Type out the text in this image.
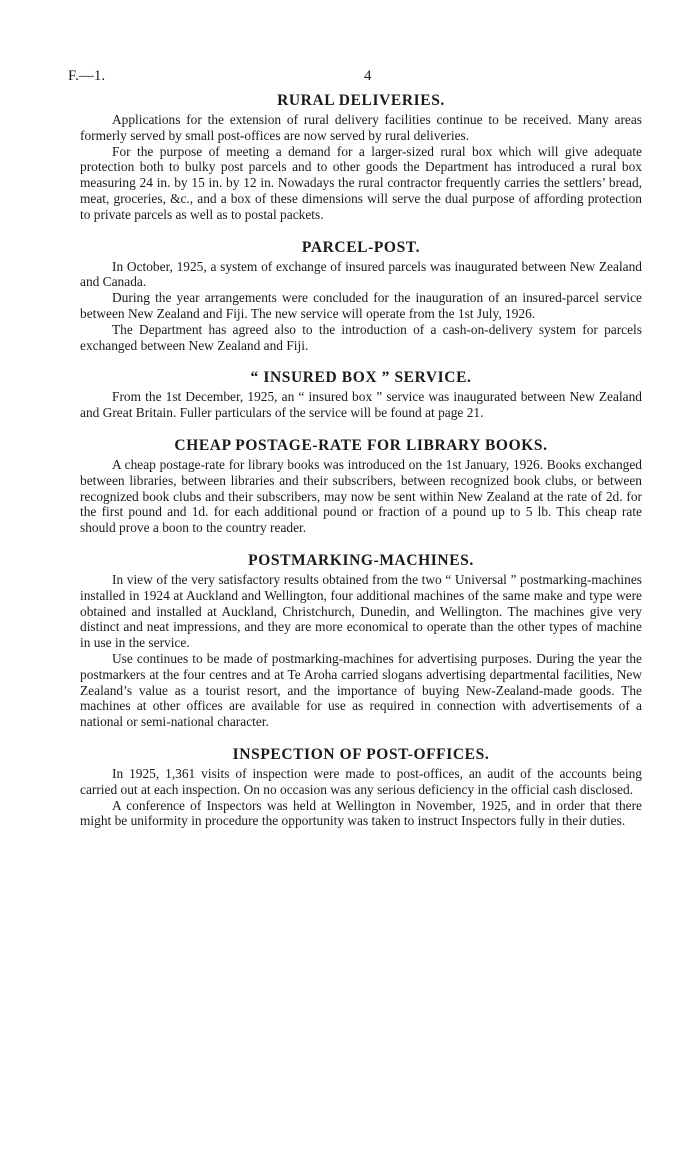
F.—1.	4
RURAL DELIVERIES.

Applications for the extension of rural delivery facilities continue to be received. Many areas formerly served by small post-offices are now served by rural deliveries.

For the purpose of meeting a demand for a larger-sized rural box which will give adequate protection both to bulky post parcels and to other goods the Department has introduced a rural box measuring 24 in. by 15 in. by 12 in. Nowadays the rural contractor frequently carries the settlers’ bread, meat, groceries, &c., and a box of these dimensions will serve the dual purpose of affording protection to private parcels as well as to postal packets.

PARCEL-POST.

In October, 1925, a system of exchange of insured parcels was inaugurated between New Zealand and Canada.

During the year arrangements were concluded for the inauguration of an insured-parcel service between New Zealand and Fiji. The new service will operate from the 1st July, 1926.

The Department has agreed also to the introduction of a cash-on-delivery system for parcels exchanged between New Zealand and Fiji.

“ INSURED BOX ” SERVICE.

From the 1st December, 1925, an “ insured box ” service was inaugurated between New Zealand and Great Britain. Fuller particulars of the service will be found at page 21.

CHEAP POSTAGE-RATE FOR LIBRARY BOOKS.

A cheap postage-rate for library books was introduced on the 1st January, 1926. Books exchanged between libraries, between libraries and their subscribers, between recognized book clubs, or between recognized book clubs and their subscribers, may now be sent within New Zealand at the rate of 2d. for the first pound and 1d. for each additional pound or fraction of a pound up to 5 lb. This cheap rate should prove a boon to the country reader.

POSTMARKING-MACHINES.

In view of the very satisfactory results obtained from the two “ Universal ” postmarking-machines installed in 1924 at Auckland and Wellington, four additional machines of the same make and type were obtained and installed at Auckland, Christchurch, Dunedin, and Wellington. The machines give very distinct and neat impressions, and they are more economical to operate than the other types of machine in use in the service.

Use continues to be made of postmarking-machines for advertising purposes. During the year the postmarkers at the four centres and at Te Aroha carried slogans advertising departmental facilities, New Zealand’s value as a tourist resort, and the importance of buying New-Zealand-made goods. The machines at other offices are available for use as required in connection with advertisements of a national or semi-national character.

INSPECTION OF POST-OFFICES.

In 1925, 1,361 visits of inspection were made to post-offices, an audit of the accounts being carried out at each inspection. On no occasion was any serious deficiency in the official cash disclosed.

A conference of Inspectors was held at Wellington in November, 1925, and in order that there might be uniformity in procedure the opportunity was taken to instruct Inspectors fully in their duties.
